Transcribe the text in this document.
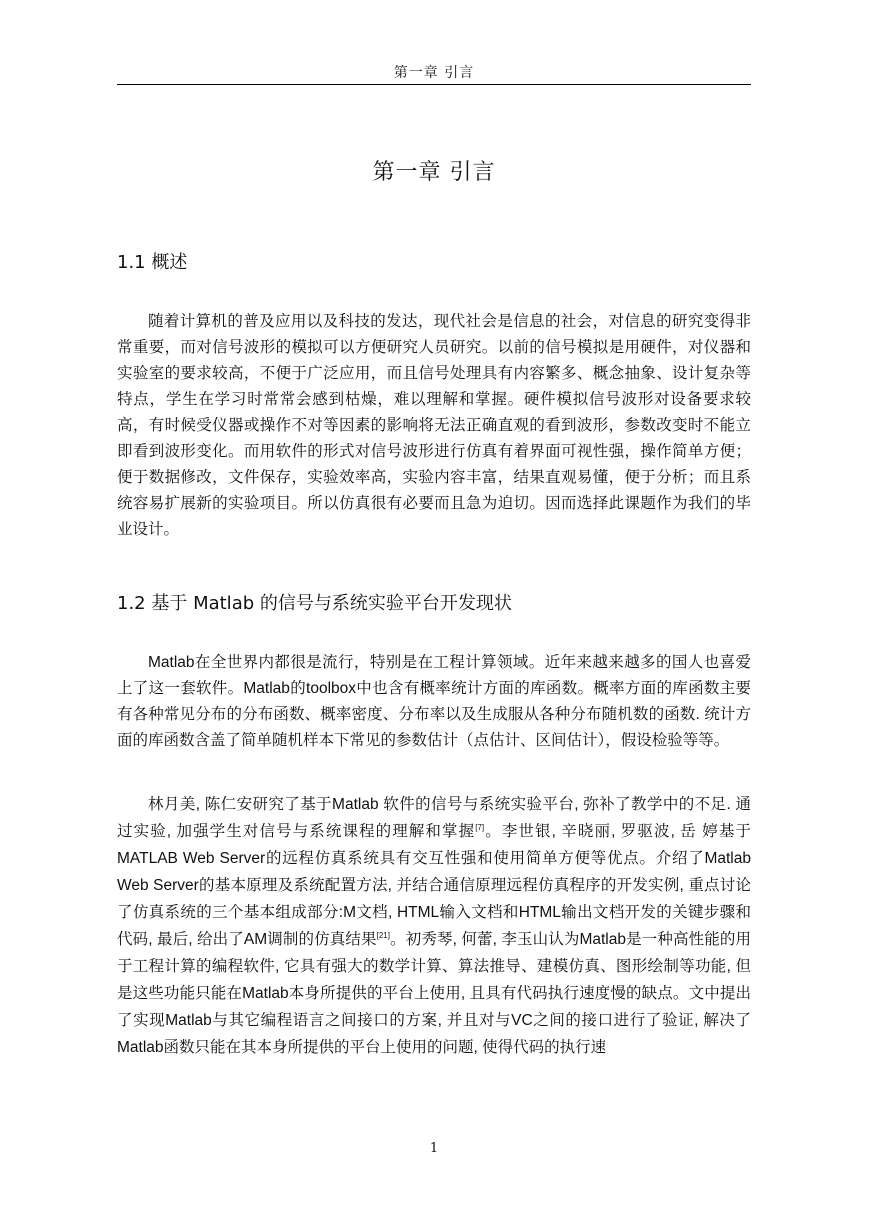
第一章 引言
第一章 引言
1.1 概述

随着计算机的普及应用以及科技的发达，现代社会是信息的社会，对信息的研究变得非常重要，而对信号波形的模拟可以方便研究人员研究。以前的信号模拟是用硬件，对仪器和实验室的要求较高，不便于广泛应用，而且信号处理具有内容繁多、概念抽象、设计复杂等特点，学生在学习时常常会感到枯燥，难以理解和掌握。硬件模拟信号波形对设备要求较高，有时候受仪器或操作不对等因素的影响将无法正确直观的看到波形，参数改变时不能立即看到波形变化。而用软件的形式对信号波形进行仿真有着界面可视性强，操作简单方便；便于数据修改，文件保存，实验效率高，实验内容丰富，结果直观易懂，便于分析；而且系统容易扩展新的实验项目。所以仿真很有必要而且急为迫切。因而选择此课题作为我们的毕业设计。

1.2 基于 Matlab 的信号与系统实验平台开发现状

Matlab在全世界内都很是流行，特别是在工程计算领域。近年来越来越多的国人也喜爱上了这一套软件。Matlab的toolbox中也含有概率统计方面的库函数。概率方面的库函数主要有各种常见分布的分布函数、概率密度、分布率以及生成服从各种分布随机数的函数. 统计方面的库函数含盖了简单随机样本下常见的参数估计（点估计、区间估计），假设检验等等。

林月美, 陈仁安研究了基于Matlab 软件的信号与系统实验平台, 弥补了教学中的不足. 通过实验, 加强学生对信号与系统课程的理解和掌握[7]。李世银, 辛晓丽, 罗驱波, 岳 婷基于MATLAB Web Server的远程仿真系统具有交互性强和使用简单方便等优点。介绍了Matlab Web Server的基本原理及系统配置方法, 并结合通信原理远程仿真程序的开发实例, 重点讨论了仿真系统的三个基本组成部分:M文档, HTML输入文档和HTML输出文档开发的关键步骤和代码, 最后, 给出了AM调制的仿真结果[21]。初秀琴, 何蕾, 李玉山认为Matlab是一种高性能的用于工程计算的编程软件, 它具有强大的数学计算、算法推导、建模仿真、图形绘制等功能, 但是这些功能只能在Matlab本身所提供的平台上使用, 且具有代码执行速度慢的缺点。文中提出了实现Matlab与其它编程语言之间接口的方案, 并且对与VC之间的接口进行了验证, 解决了Matlab函数只能在其本身所提供的平台上使用的问题, 使得代码的执行速

1
